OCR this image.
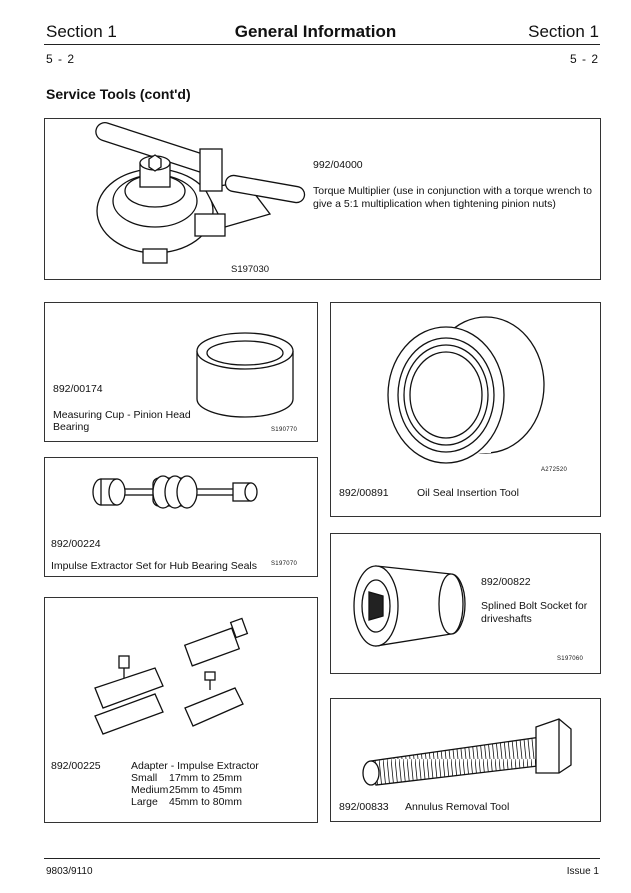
Section 1	General Information	Section 1
5 - 2	5 - 2
Service Tools (cont'd)
S197030
992/04000
Torque Multiplier (use in conjunction with a torque wrench to
give a 5:1 multiplication when tightening pinion nuts)
892/00174
Measuring Cup - Pinion Head
Bearing	S190770
A272520
892/00891	Oil Seal Insertion Tool
892/00224
Impulse Extractor Set for Hub Bearing Seals S197070
892/00822
Splined Bolt Socket for
driveshafts
S197060
892/00225	Adapter - Impulse Extractor
Small 17mm to 25mm
Medium 25mm to 45mm
Large 45mm to 80mm	892/00833 Annulus Removal Tool
9803/9110	Issue 1
